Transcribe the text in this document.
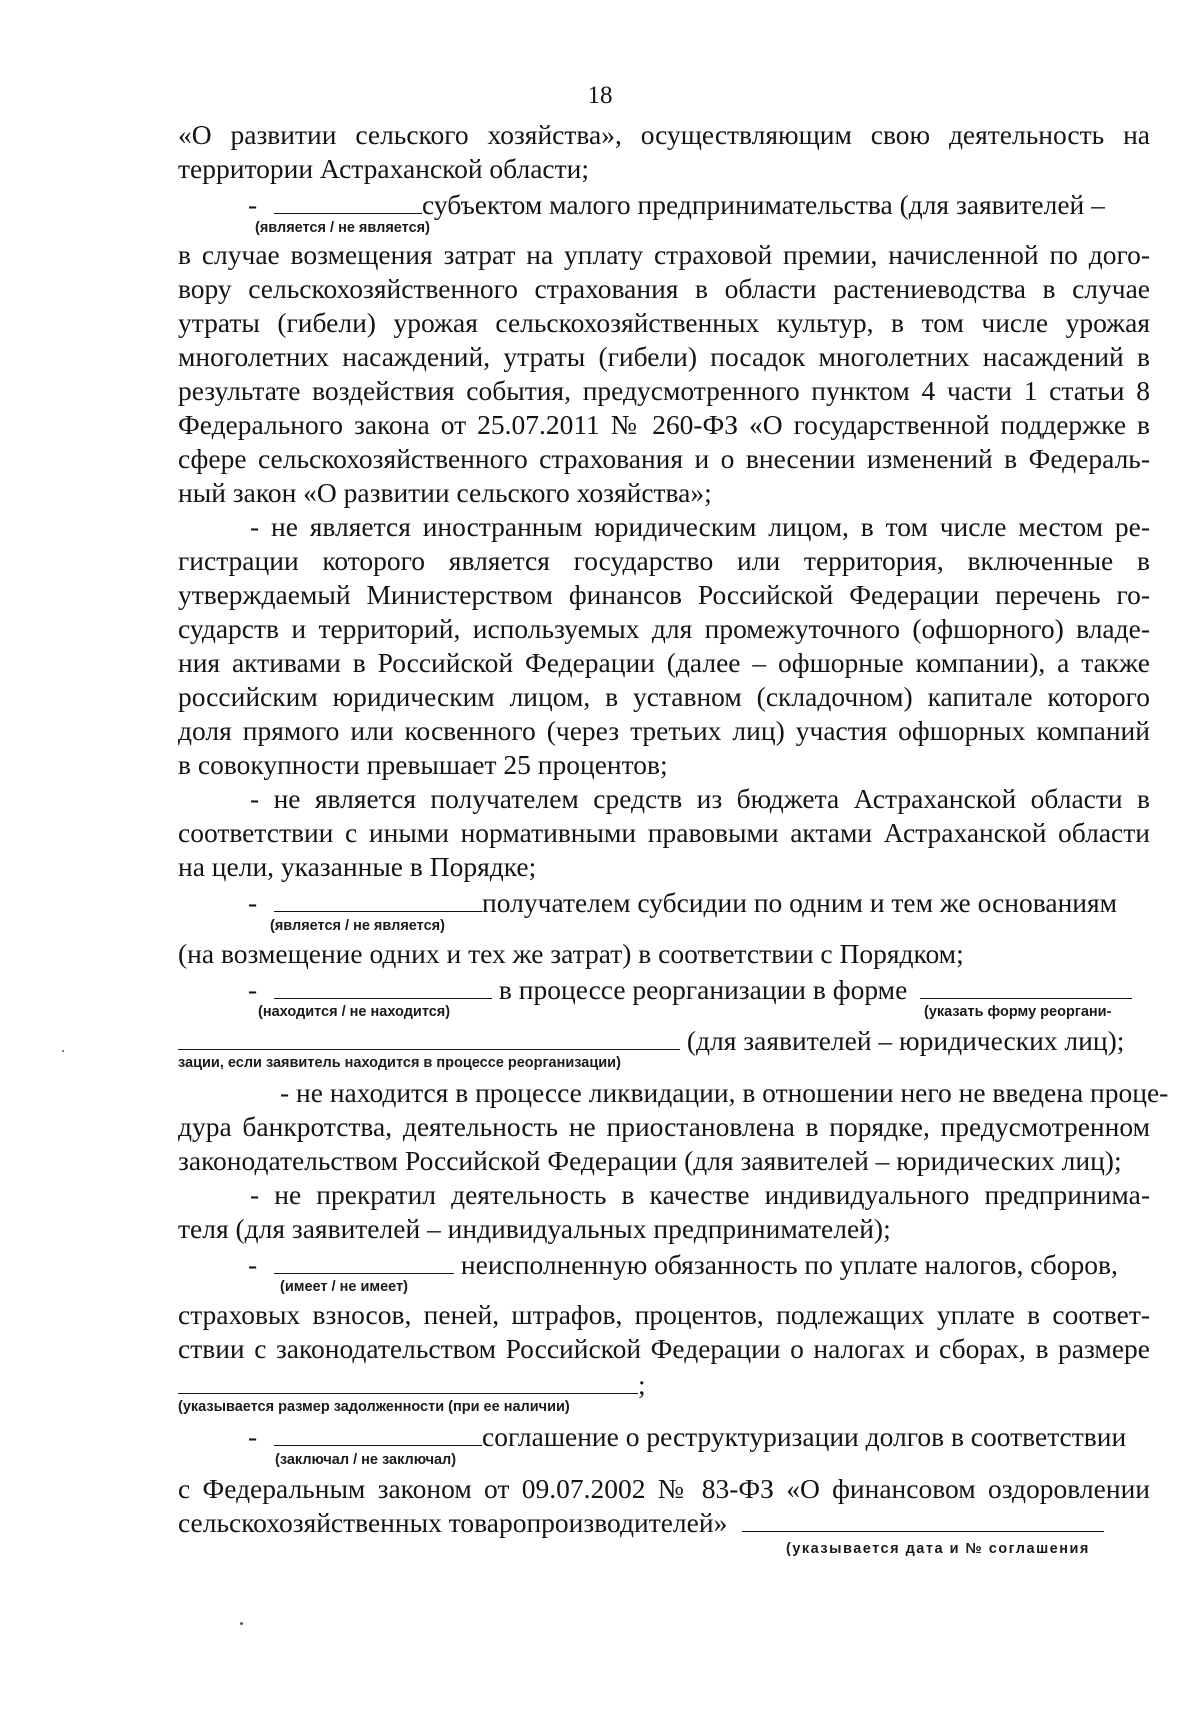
18
«О развитии сельского хозяйства», осуществляющим свою деятельность на
территории Астраханской области;
-	субъектом малого предпринимательства (для заявителей –
(является / не является)
в случае возмещения затрат на уплату страховой премии, начисленной по дого-
вору сельскохозяйственного страхования в области растениеводства в случае
утраты (гибели) урожая сельскохозяйственных культур, в том числе урожая
многолетних насаждений, утраты (гибели) посадок многолетних насаждений в
результате воздействия события, предусмотренного пунктом 4 части 1 статьи 8
Федерального закона от 25.07.2011 № 260-ФЗ «О государственной поддержке в
сфере сельскохозяйственного страхования и о внесении изменений в Федераль-
ный закон «О развитии сельского хозяйства»;
- не является иностранным юридическим лицом, в том числе местом ре-
гистрации которого является государство или территория, включенные в
утверждаемый Министерством финансов Российской Федерации перечень го-
сударств и территорий, используемых для промежуточного (офшорного) владе-
ния активами в Российской Федерации (далее – офшорные компании), а также
российским юридическим лицом, в уставном (складочном) капитале которого
доля прямого или косвенного (через третьих лиц) участия офшорных компаний
в совокупности превышает 25 процентов;
- не является получателем средств из бюджета Астраханской области в
соответствии с иными нормативными правовыми актами Астраханской области
на цели, указанные в Порядке;
-	получателем субсидии по одним и тем же основаниям
(является / не является)
(на возмещение одних и тех же затрат) в соответствии с Порядком;
-	в процессе реорганизации в форме
(находится / не находится)	(указать форму реоргани-
(для заявителей – юридических лиц);
зации, если заявитель находится в процессе реорганизации)
- не находится в процессе ликвидации, в отношении него не введена проце-
дура банкротства, деятельность не приостановлена в порядке, предусмотренном
законодательством Российской Федерации (для заявителей – юридических лиц);
- не прекратил деятельность в качестве индивидуального предпринима-
теля (для заявителей – индивидуальных предпринимателей);
-	неисполненную обязанность по уплате налогов, сборов,
(имеет / не имеет)
страховых взносов, пеней, штрафов, процентов, подлежащих уплате в соответ-
ствии с законодательством Российской Федерации о налогах и сборах, в размере
;
(указывается размер задолженности (при ее наличии)
-	соглашение о реструктуризации долгов в соответствии
(заключал / не заключал)
с Федеральным законом от 09.07.2002 № 83-ФЗ «О финансовом оздоровлении
сельскохозяйственных товаропроизводителей»
(указывается дата и № соглашения
